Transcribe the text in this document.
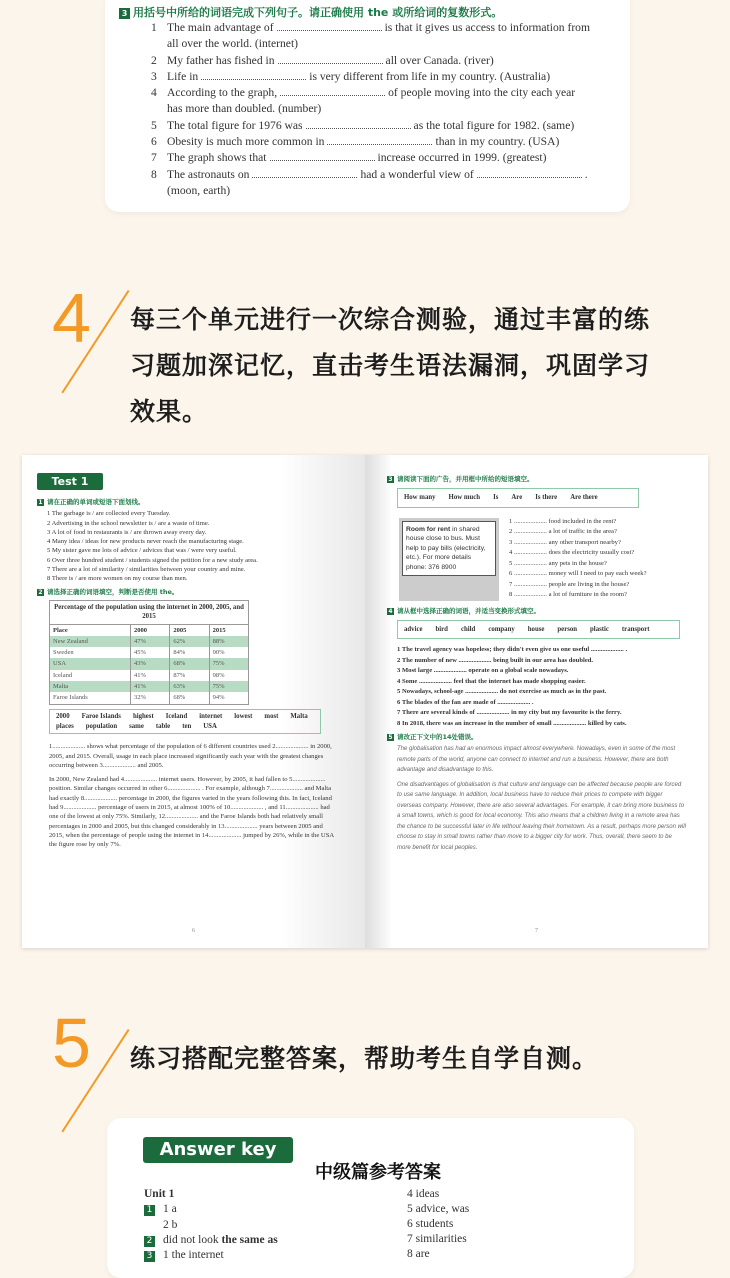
3 用括号中所给的词语完成下列句子。请正确使用 the 或所给词的复数形式。
1 The main advantage of	is that it gives us access to information from
all over the world. (internet)
2 My father has fished in	all over Canada. (river)
3 Life in	is very different from life in my country. (Australia)
4 According to the graph,	of people moving into the city each year
has more than doubled. (number)
5 The total figure for 1976 was	as the total figure for 1982. (same)
6 Obesity is much more common in	than in my country. (USA)
7 The graph shows that	increase occurred in 1999. (greatest)
8 The astronauts on	had a wonderful view of	.
(moon, earth)
4 每三个单元进行一次综合测验，通过丰富的练
习题加深记忆，直击考生语法漏洞，巩固学习
效果。
Test 1
1 请在正确的单词或短语下面划线。
1 The garbage is / are collected every Tuesday.
2 Advertising in the school newsletter is / are a waste of time.
3 A lot of food in restaurants is / are thrown away every day.
4 Many idea / ideas for new products never reach the manufacturing stage.
5 My sister gave me lots of advice / advices that was / were very useful.
6 Over three hundred student / students signed the petition for a new study area.
7 There are a lot of similarity / similarities between your country and mine.
8 There is / are more women on my course than men.
2 请选择正确的词语填空，判断是否使用 the。
Percentage of the population using the internet in 2000, 2005, and 2015			
Place	2000	2005	2015
New Zealand	47%	62%	88%
Sweden	45%	84%	90%
USA	43%	68%	75%
Iceland	41%	87%	98%
Malta	41%	63%	75%
Faroe Islands	32%	68%	94%
2000 Faroe Islands highest Iceland internet lowest most Malta
places population same table ten USA

1.................... shows what percentage of the population of 6 different countries used 2.................... in 2000, 2005, and 2015. Overall, usage in each place increased significantly each year with the greatest changes occurring between 3.................... and 2005.

In 2000, New Zealand had 4.................... internet users. However, by 2005, it had fallen to 5.................... position. Similar changes occurred in other 6.................... . For example, although 7.................... and Malta had exactly 8.................... percentage in 2000, the figures varied in the years following this. In fact, Iceland had 9.................... percentage of users in 2015, at almost 100% of 10.................... , and 11.................... had one of the lowest at only 75%. Similarly, 12.................... and the Faroe Islands both had relatively small percentages in 2000 and 2005, but this changed considerably in 13.................... years between 2005 and 2015, when the percentage of people using the internet in 14.................... jumped by 26%, while in the USA the figure rose by only 7%.

6
3 请阅读下面的广告，并用框中所给的短语填空。
How many How much Is Are Is there Are there
Room for rent in shared house close to bus. Must help to pay bills (electricity, etc.). For more details phone: 376 8900
1 .................... food included in the rent?
2 .................... a lot of traffic in the area?
3 .................... any other transport nearby?
4 .................... does the electricity usually cost?
5 .................... any pets in the house?
6 .................... money will I need to pay each week?
7 .................... people are living in the house?
8 .................... a lot of furniture in the room?
4 请从框中选择正确的词语，并适当变换形式填空。
advice bird child company house person plastic transport
1 The travel agency was hopeless; they didn't even give us one useful .................... .
2 The number of new .................... being built in our area has doubled.
3 Most large .................... operate on a global scale nowadays.
4 Some .................... feel that the internet has made shopping easier.
5 Nowadays, school-age .................... do not exercise as much as in the past.
6 The blades of the fan are made of .................... .
7 There are several kinds of .................... in my city but my favourite is the ferry.
8 In 2018, there was an increase in the number of small .................... killed by cats.
5 请改正下文中的14处错误。

The globalisation has had an enormous impact almost everywhere. Nowadays, even in some of the most remote parts of the world, anyone can connect to internet and run a business. However, there are both advantage and disadvantage to this.

One disadvantages of globalisation is that culture and language can be affected because people are forced to use same language. In addition, local business have to reduce their prices to compete with bigger overseas company. However, there are also several advantages. For example, it can bring more business to a small towns, which is good for local economy. This also means that a children living in a remote area has the chance to be successful later in life without leaving their hometown. As a result, perhaps more person will choose to stay in small towns rather than move to a bigger city for work. Thus, overall, there seem to be more benefit for local peoples.

7
5 练习搭配完整答案，帮助考生自学自测。
Answer key
中级篇参考答案
Unit 1
1 1 a
2 b
2 did not look the same as
3 1 the internet
4 ideas
5 advice, was
6 students
7 similarities
8 are
